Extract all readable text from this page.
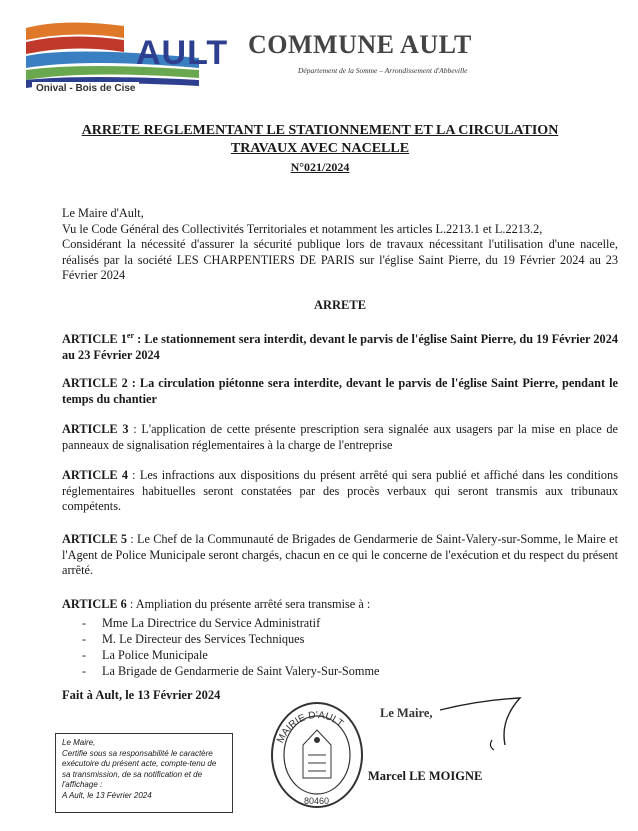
AULT
Onival - Bois de Cise
COMMUNE AULT
Département de la Somme – Arrondissement d'Abbeville
ARRETE REGLEMENTANT LE STATIONNEMENT ET LA CIRCULATION
TRAVAUX AVEC NACELLE
N°021/2024

Le Maire d'Ault,

Vu le Code Général des Collectivités Territoriales et notamment les articles L.2213.1 et L.2213.2,

Considérant la nécessité d'assurer la sécurité publique lors de travaux nécessitant l'utilisation d'une nacelle, réalisés par la société LES CHARPENTIERS DE PARIS sur l'église Saint Pierre, du 19 Février 2024 au 23 Février 2024

ARRETE
ARTICLE 1er : Le stationnement sera interdit, devant le parvis de l'église Saint Pierre, du 19 Février 2024 au 23 Février 2024
ARTICLE 2 : La circulation piétonne sera interdite, devant le parvis de l'église Saint Pierre, pendant le temps du chantier
ARTICLE 3 : L'application de cette présente prescription sera signalée aux usagers par la mise en place de panneaux de signalisation réglementaires à la charge de l'entreprise
ARTICLE 4 : Les infractions aux dispositions du présent arrêté qui sera publié et affiché dans les conditions réglementaires habituelles seront constatées par des procès verbaux qui seront transmis aux tribunaux compétents.
ARTICLE 5 : Le Chef de la Communauté de Brigades de Gendarmerie de Saint-Valery-sur-Somme, le Maire et l'Agent de Police Municipale seront chargés, chacun en ce qui le concerne de l'exécution et du respect du présent arrêté.
ARTICLE 6 : Ampliation du présente arrêté sera transmise à :
- Mme La Directrice du Service Administratif
- M. Le Directeur des Services Techniques
- La Police Municipale
- La Brigade de Gendarmerie de Saint Valery-Sur-Somme
Fait à Ault, le 13 Février 2024
Le Maire,
Certifie sous sa responsabilité le caractère exécutoire du présent acte, compte-tenu de sa transmission, de sa notification et de l'affichage :
A Ault, le 13 Février 2024
MAIRIE D'AULT
80460
Le Maire,
Marcel LE MOIGNE
